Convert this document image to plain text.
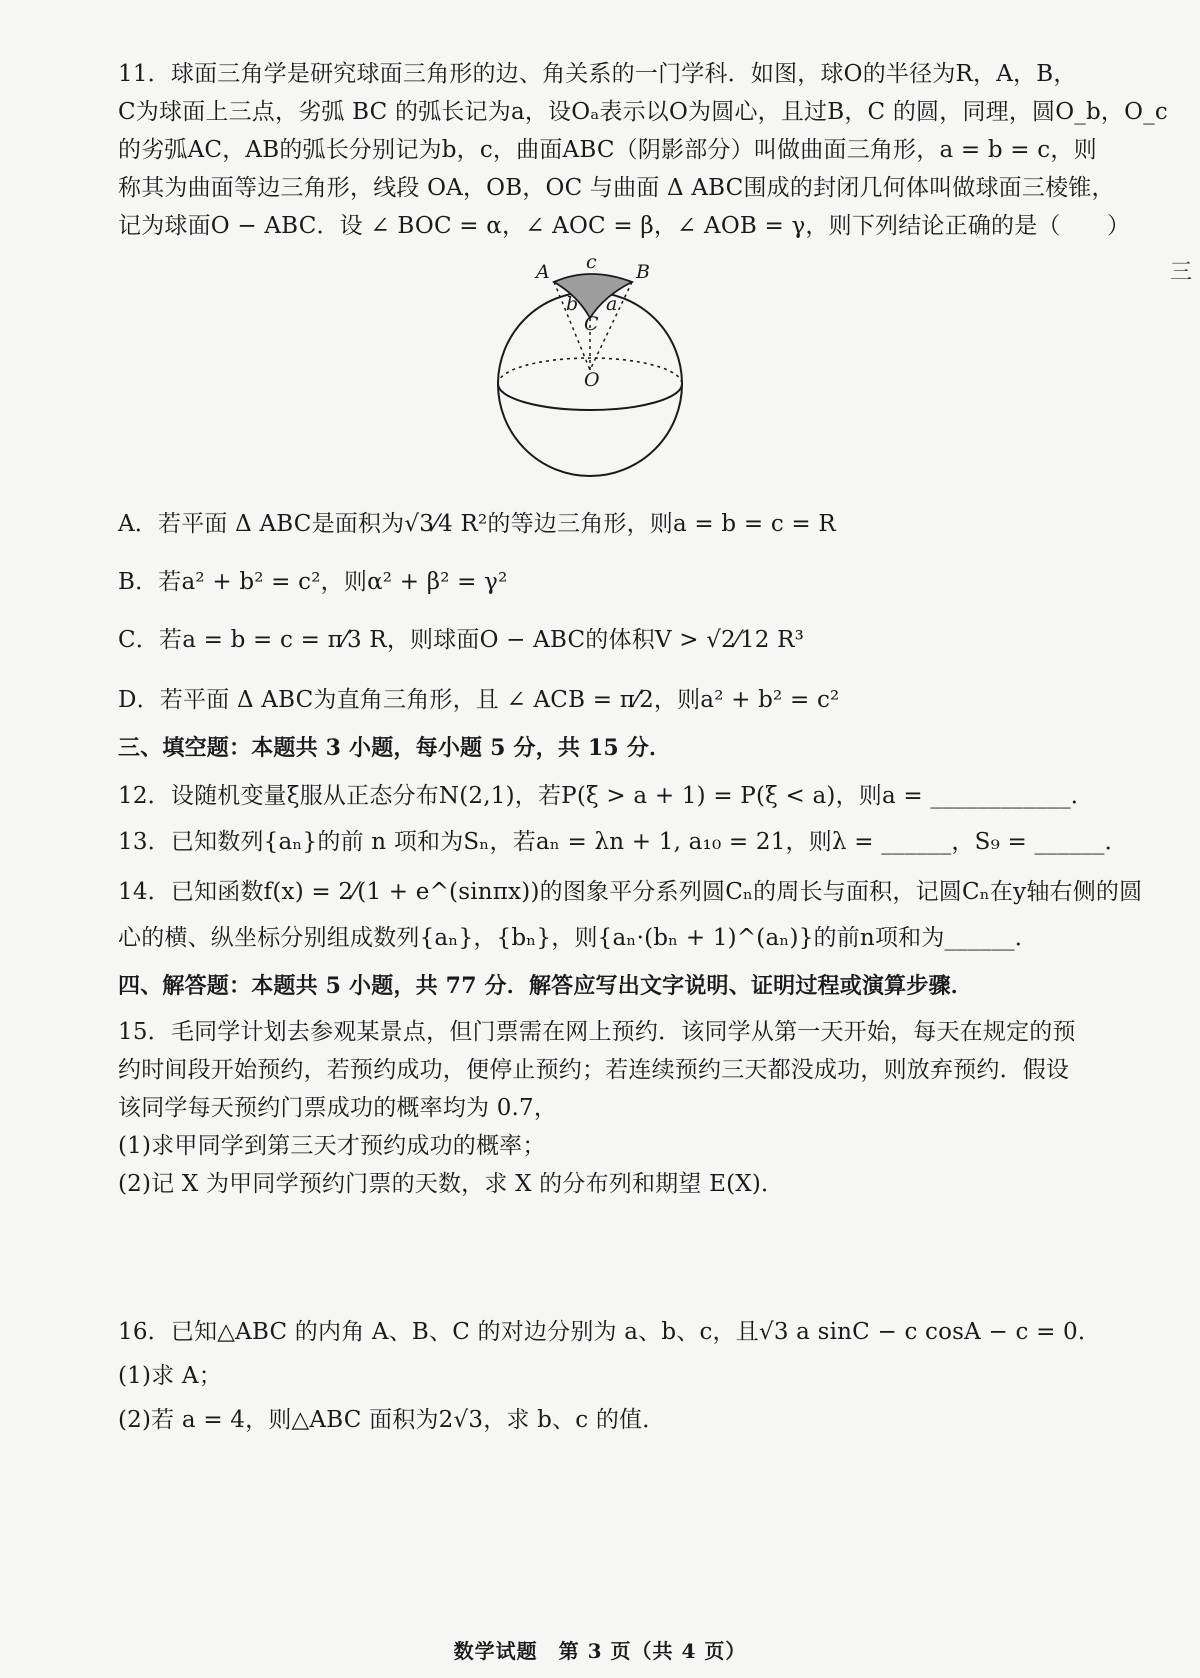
11．球面三角学是研究球面三角形的边、角关系的一门学科．如图，球O的半径为R，A，B，
C为球面上三点，劣弧 BC 的弧长记为a，设Oₐ表示以O为圆心，且过B，C 的圆，同理，圆O_b，O_c
的劣弧AC，AB的弧长分别记为b，c，曲面ABC（阴影部分）叫做曲面三角形，a = b = c，则
称其为曲面等边三角形，线段 OA，OB，OC 与曲面 Δ ABC围成的封闭几何体叫做球面三棱锥，
记为球面O − ABC．设 ∠ BOC = α，∠ AOC = β，∠ AOB = γ，则下列结论正确的是（　　）
三
A	B
C
O
a
b
c
A．若平面 Δ ABC是面积为√3⁄4 R²的等边三角形，则a = b = c = R
B．若a² + b² = c²，则α² + β² = γ²
C．若a = b = c = π⁄3 R，则球面O − ABC的体积V > √2⁄12 R³
D．若平面 Δ ABC为直角三角形，且 ∠ ACB = π⁄2，则a² + b² = c²
三、填空题：本题共 3 小题，每小题 5 分，共 15 分．
12．设随机变量ξ服从正态分布N(2,1)，若P(ξ > a + 1) = P(ξ < a)，则a = ____________．
13．已知数列{aₙ}的前 n 项和为Sₙ，若aₙ = λn + 1, a₁₀ = 21，则λ = ______，S₉ = ______．
14．已知函数f(x) = 2⁄(1 + e^(sinπx))的图象平分系列圆Cₙ的周长与面积，记圆Cₙ在y轴右侧的圆
心的横、纵坐标分别组成数列{aₙ}，{bₙ}，则{aₙ·(bₙ + 1)^(aₙ)}的前n项和为______．
四、解答题：本题共 5 小题，共 77 分．解答应写出文字说明、证明过程或演算步骤．
15．毛同学计划去参观某景点，但门票需在网上预约．该同学从第一天开始，每天在规定的预
约时间段开始预约，若预约成功，便停止预约；若连续预约三天都没成功，则放弃预约．假设
该同学每天预约门票成功的概率均为 0.7，
(1)求甲同学到第三天才预约成功的概率；
(2)记 X 为甲同学预约门票的天数，求 X 的分布列和期望 E(X)．
16．已知△ABC 的内角 A、B、C 的对边分别为 a、b、c，且√3 a sinC − c cosA − c = 0．
(1)求 A；
(2)若 a = 4，则△ABC 面积为2√3，求 b、c 的值．
数学试题　第 3 页（共 4 页）
